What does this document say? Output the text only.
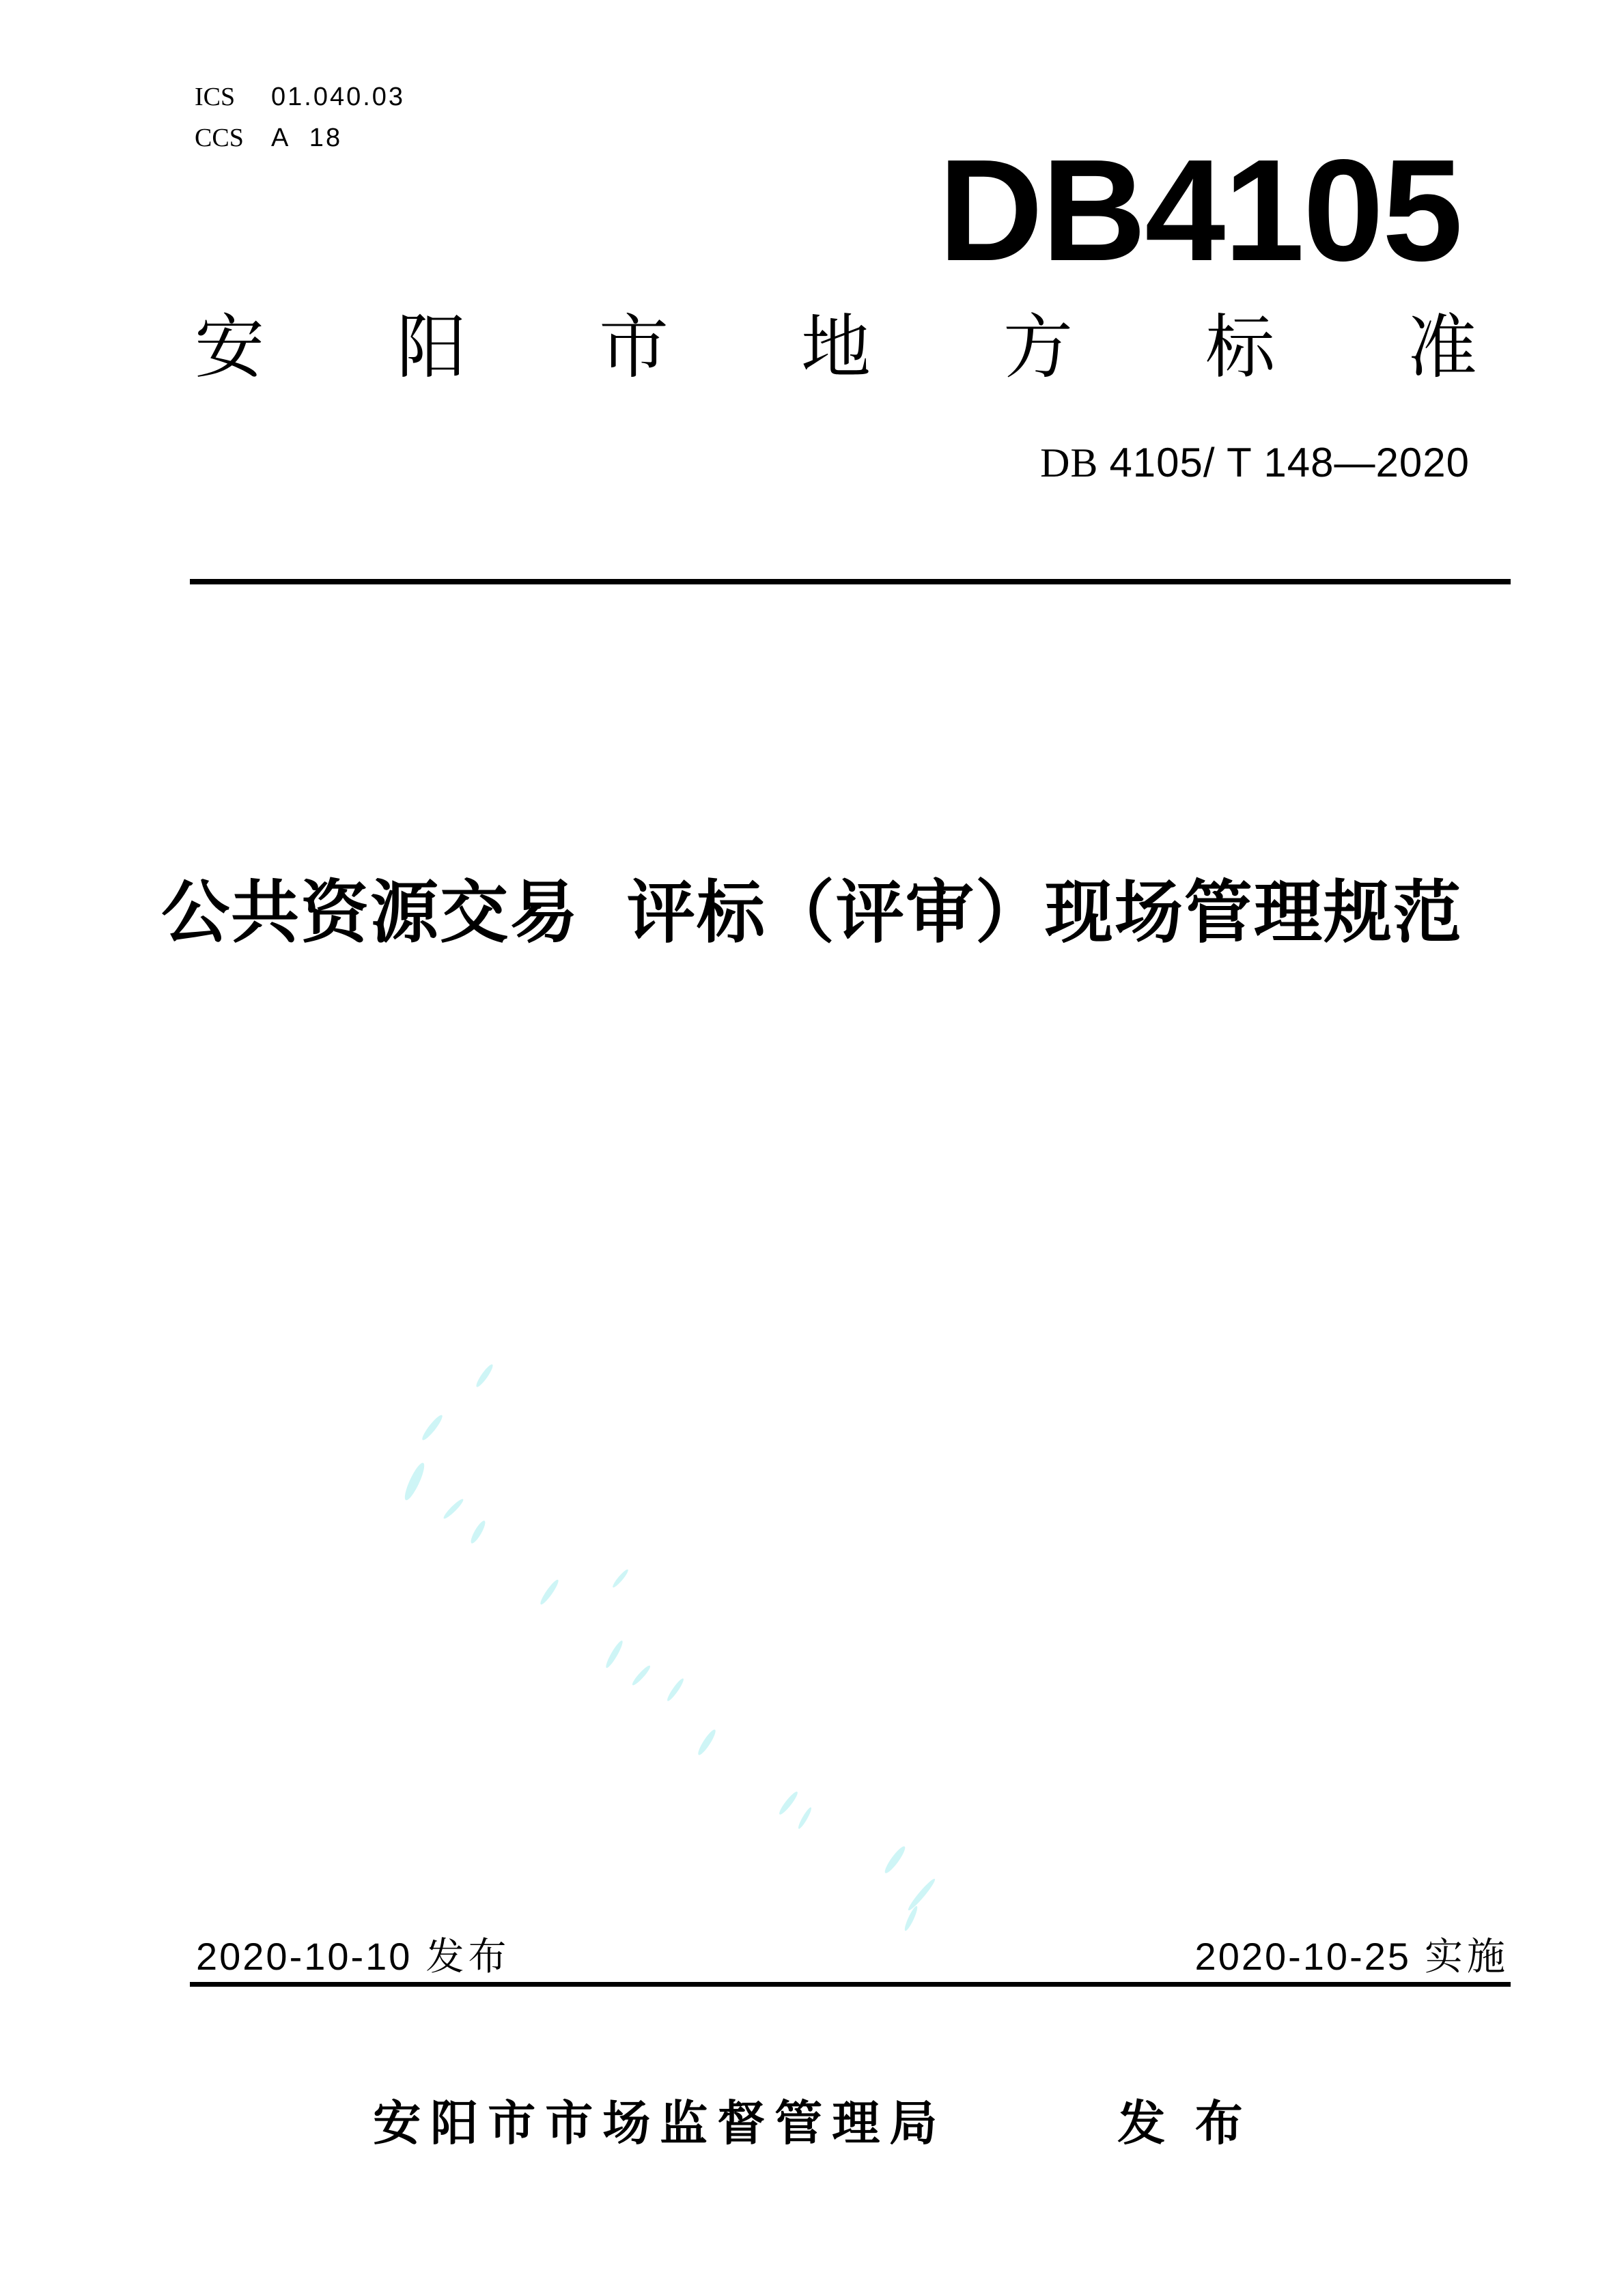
ICS 01.040.03
CCS A 18	DB4105
安 阳 市 地 方 标 准
DB 4105/ T 148—2020
公共资源交易 评标（评审）现场管理规范
2020-10-10 发布	2020-10-25 实施
安阳市市场监督管理局	发 布
